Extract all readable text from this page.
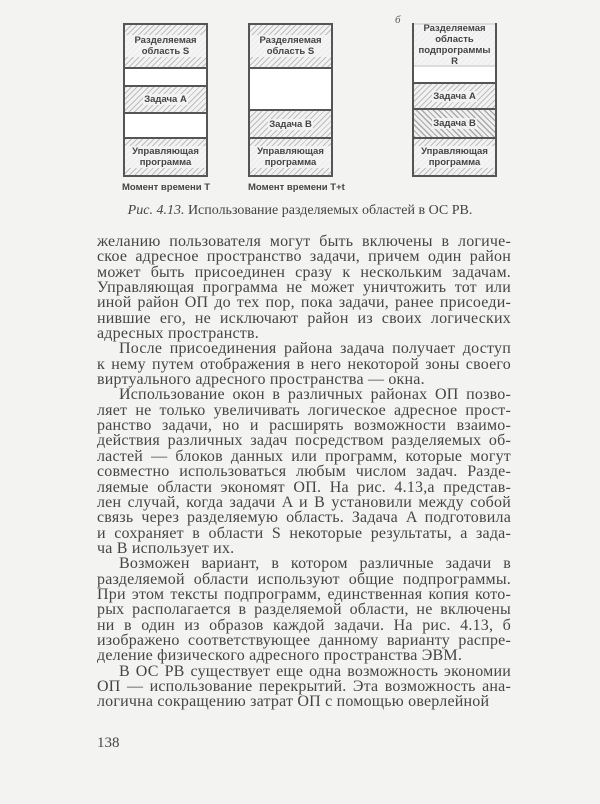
б
Разделяемая область S
Задача А
Управляющая программа
Момент времени T
Разделяемая область S
Задача В
Управляющая программа
Момент времени T+t
Разделяемая область подпрограммы R
Задача А
Задача В
Управляющая программа
Рис. 4.13. Использование разделяемых областей в ОС РВ.
желанию пользователя могут быть включены в логиче-
ское адресное пространство задачи, причем один район
может быть присоединен сразу к нескольким задачам.
Управляющая программа не может уничтожить тот или
иной район ОП до тех пор, пока задачи, ранее присоеди-
нившие его, не исключают район из своих логических
адресных пространств.
После присоединения района задача получает доступ
к нему путем отображения в него некоторой зоны своего
виртуального адресного пространства — окна.
Использование окон в различных районах ОП позво-
ляет не только увеличивать логическое адресное прост-
ранство задачи, но и расширять возможности взаимо-
действия различных задач посредством разделяемых об-
ластей — блоков данных или программ, которые могут
совместно использоваться любым числом задач. Разде-
ляемые области экономят ОП. На рис. 4.13,а представ-
лен случай, когда задачи A и B установили между собой
связь через разделяемую область. Задача A подготовила
и сохраняет в области S некоторые результаты, а зада-
ча B использует их.
Возможен вариант, в котором различные задачи в
разделяемой области используют общие подпрограммы.
При этом тексты подпрограмм, единственная копия кото-
рых располагается в разделяемой области, не включены
ни в один из образов каждой задачи. На рис. 4.13, б
изображено соответствующее данному варианту распре-
деление физического адресного пространства ЭВМ.
В ОС РВ существует еще одна возможность экономии
ОП — использование перекрытий. Эта возможность ана-
логична сокращению затрат ОП с помощью оверлейной
138
